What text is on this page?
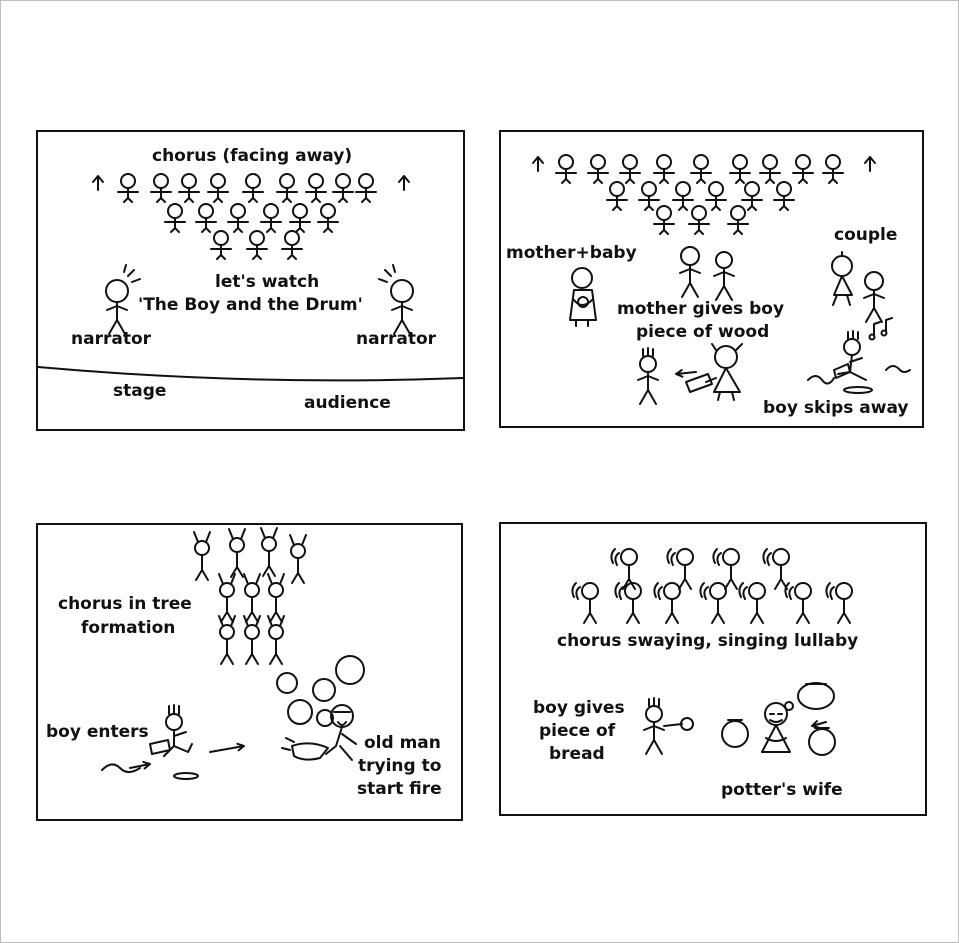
chorus (facing away)
let's watch
'The Boy and the Drum'
narrator	narrator
stage
audience
mother+baby
couple
mother gives boy
piece of wood
boy skips away
chorus in tree
formation
boy enters
old man
trying to
start fire
chorus swaying, singing lullaby
boy gives
piece of
bread
potter's wife
